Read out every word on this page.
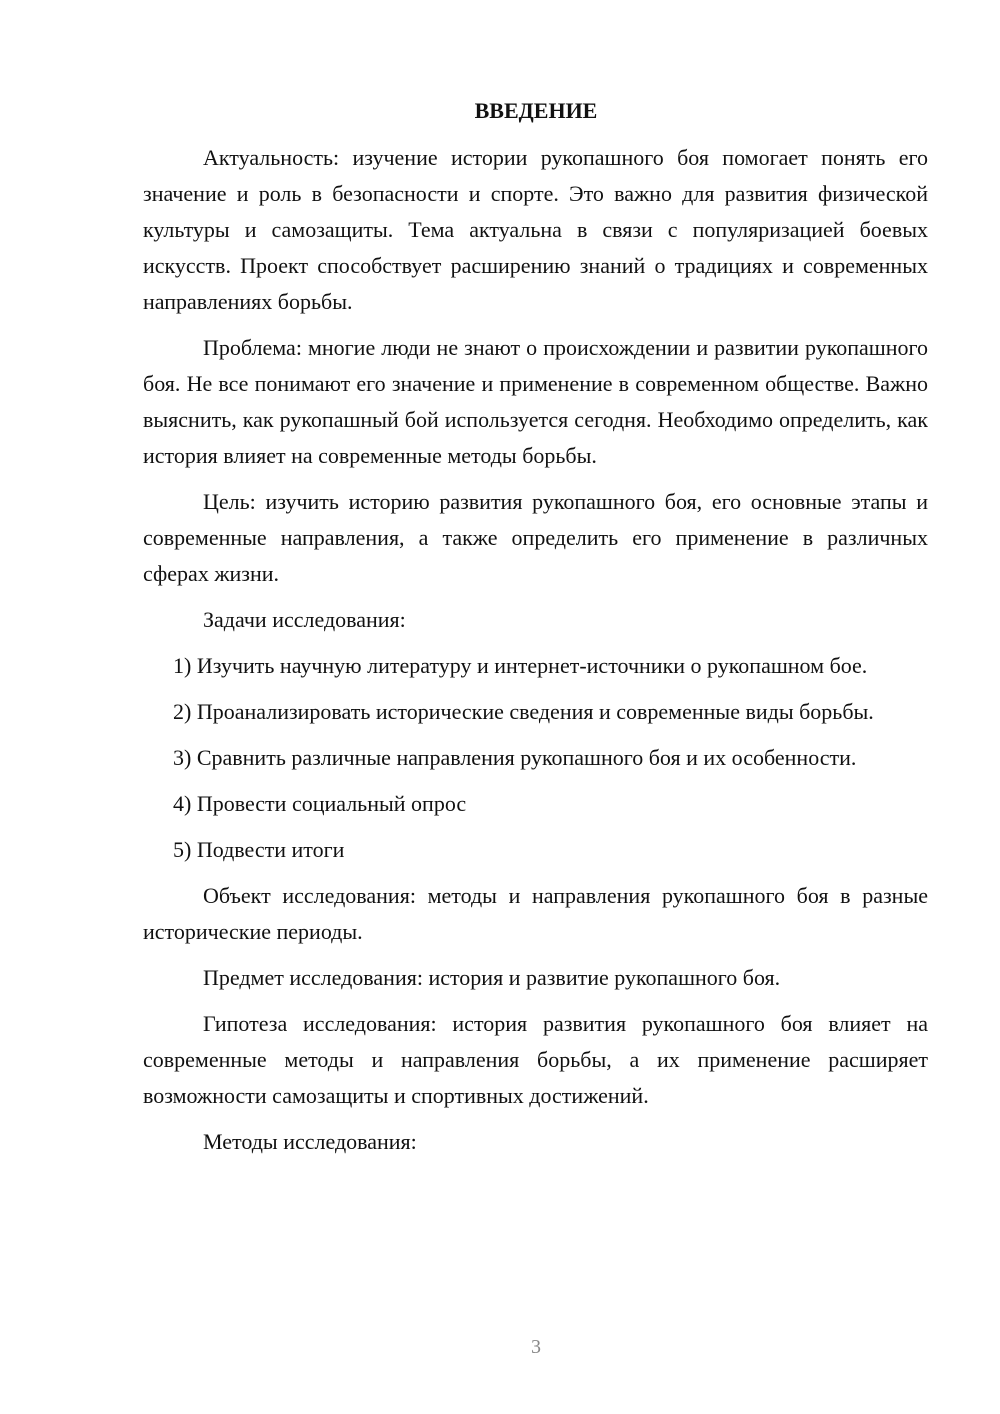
ВВЕДЕНИЕ

Актуальность: изучение истории рукопашного боя помогает понять его значение и роль в безопасности и спорте. Это важно для развития физической культуры и самозащиты. Тема актуальна в связи с популяризацией боевых искусств. Проект способствует расширению знаний о традициях и современных направлениях борьбы.

Проблема: многие люди не знают о происхождении и развитии рукопашного боя. Не все понимают его значение и применение в современном обществе. Важно выяснить, как рукопашный бой используется сегодня. Необходимо определить, как история влияет на современные методы борьбы.

Цель: изучить историю развития рукопашного боя, его основные этапы и современные направления, а также определить его применение в различных сферах жизни.

Задачи исследования:

1) Изучить научную литературу и интернет-источники о рукопашном бое.

2) Проанализировать исторические сведения и современные виды борьбы.

3) Сравнить различные направления рукопашного боя и их особенности.

4) Провести социальный опрос

5) Подвести итоги

Объект исследования: методы и направления рукопашного боя в разные исторические периоды.

Предмет исследования: история и развитие рукопашного боя.

Гипотеза исследования: история развития рукопашного боя влияет на современные методы и направления борьбы, а их применение расширяет возможности самозащиты и спортивных достижений.

Методы исследования:

3
